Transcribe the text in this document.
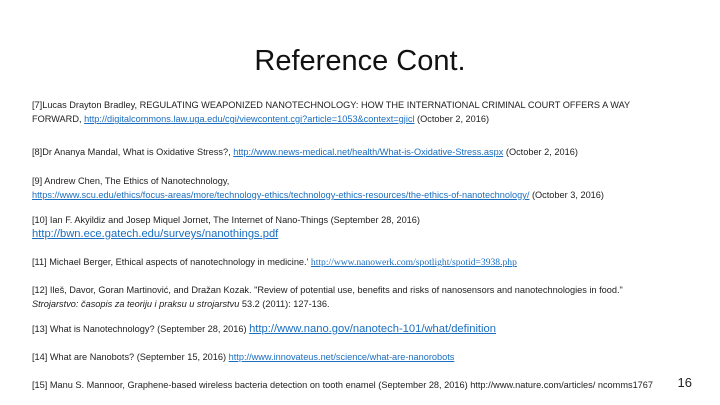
Reference Cont.
[7]Lucas Drayton Bradley, REGULATING WEAPONIZED NANOTECHNOLOGY: HOW THE INTERNATIONAL CRIMINAL COURT OFFERS A WAY FORWARD, http://digitalcommons.law.uga.edu/cgi/viewcontent.cgi?article=1053&context=gjicl (October 2, 2016)
[8]Dr Ananya Mandal, What is Oxidative Stress?, http://www.news-medical.net/health/What-is-Oxidative-Stress.aspx (October 2, 2016)
[9] Andrew Chen, The Ethics of Nanotechnology,
https://www.scu.edu/ethics/focus-areas/more/technology-ethics/technology-ethics-resources/the-ethics-of-nanotechnology/ (October 3, 2016)
[10] Ian F. Akyildiz and Josep Miquel Jornet, The Internet of Nano-Things (September 28, 2016)
http://bwn.ece.gatech.edu/surveys/nanothings.pdf
[11] Michael Berger, Ethical aspects of nanotechnology in medicine.' http://www.nanowerk.com/spotlight/spotid=3938.php
[12] Ileš, Davor, Goran Martinović, and Dražan Kozak. "Review of potential use, benefits and risks of nanosensors and nanotechnologies in food."
Strojarstvo: časopis za teoriju i praksu u strojarstvu 53.2 (2011): 127-136.
[13] What is Nanotechnology? (September 28, 2016) http://www.nano.gov/nanotech-101/what/definition
[14] What are Nanobots? (September 15, 2016) http://www.innovateus.net/science/what-are-nanorobots
[15] Manu S. Mannoor, Graphene-based wireless bacteria detection on tooth enamel (September 28, 2016) http://www.nature.com/articles/ ncomms1767	16
